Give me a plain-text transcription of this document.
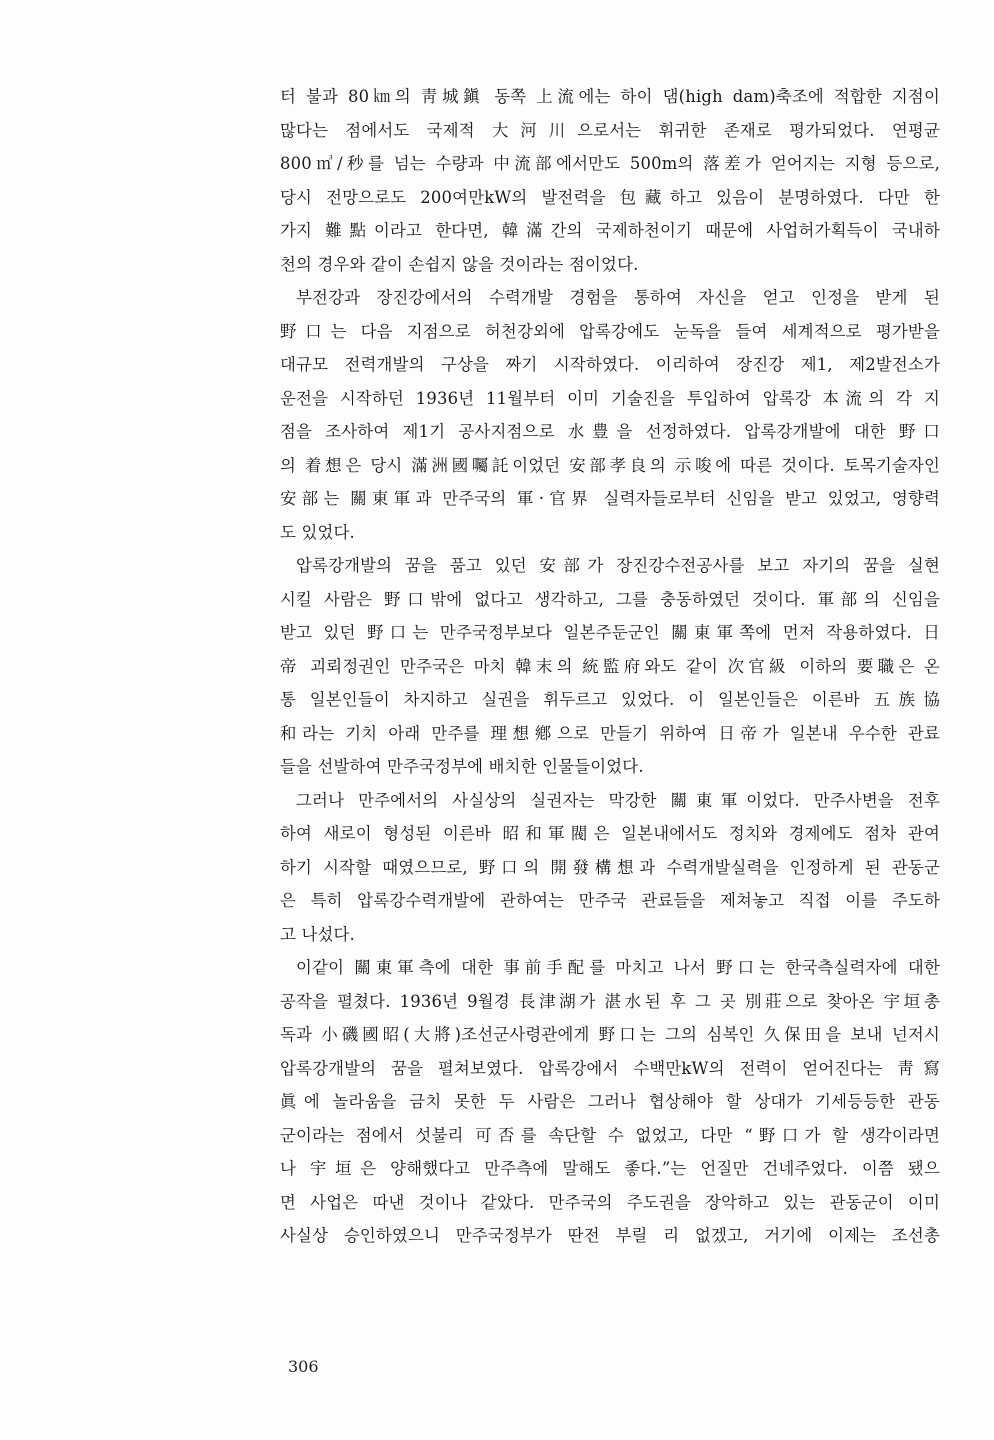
터 불과 80㎞의 靑城鎭 동쪽 上流에는 하이 댐(high dam)축조에 적합한 지점이
많다는 점에서도 국제적 大河川으로서는 휘귀한 존재로 평가되었다. 연평균
800㎥/秒를 넘는 수량과 中流部에서만도 500m의 落差가 얻어지는 지형 등으로,
당시 전망으로도 200여만kW의 발전력을 包藏하고 있음이 분명하였다. 다만 한
가지 難點이라고 한다면, 韓滿간의 국제하천이기 때문에 사업허가획득이 국내하
천의 경우와 같이 손쉽지 않을 것이라는 점이었다.
부전강과 장진강에서의 수력개발 경험을 통하여 자신을 얻고 인정을 받게 된
野口는 다음 지점으로 허천강외에 압록강에도 눈독을 들여 세계적으로 평가받을
대규모 전력개발의 구상을 짜기 시작하였다. 이리하여 장진강 제1, 제2발전소가
운전을 시작하던 1936년 11월부터 이미 기술진을 투입하여 압록강 本流의 각 지
점을 조사하여 제1기 공사지점으로 水豊을 선정하였다. 압록강개발에 대한 野口
의 着想은 당시 滿洲國囑託이었던 安部孝良의 示唆에 따른 것이다. 토목기술자인
安部는 關東軍과 만주국의 軍·官界 실력자들로부터 신임을 받고 있었고, 영향력
도 있었다.
압록강개발의 꿈을 품고 있던 安部가 장진강수전공사를 보고 자기의 꿈을 실현
시킬 사람은 野口밖에 없다고 생각하고, 그를 충동하였던 것이다. 軍部의 신임을
받고 있던 野口는 만주국정부보다 일본주둔군인 關東軍쪽에 먼저 작용하였다. 日
帝 괴뢰정권인 만주국은 마치 韓末의 統監府와도 같이 次官級 이하의 要職은 온
통 일본인들이 차지하고 실권을 휘두르고 있었다. 이 일본인들은 이른바 五族協
和라는 기치 아래 만주를 理想鄕으로 만들기 위하여 日帝가 일본내 우수한 관료
들을 선발하여 만주국정부에 배치한 인물들이었다.
그러나 만주에서의 사실상의 실권자는 막강한 關東軍이었다. 만주사변을 전후
하여 새로이 형성된 이른바 昭和軍閥은 일본내에서도 정치와 경제에도 점차 관여
하기 시작할 때였으므로, 野口의 開發構想과 수력개발실력을 인정하게 된 관동군
은 특히 압록강수력개발에 관하여는 만주국 관료들을 제쳐놓고 직접 이를 주도하
고 나섰다.
이같이 關東軍측에 대한 事前手配를 마치고 나서 野口는 한국측실력자에 대한
공작을 펼쳤다. 1936년 9월경 長津湖가 湛水된 후 그 곳 別莊으로 찾아온 宇垣총
독과 小磯國昭(大將)조선군사령관에게 野口는 그의 심복인 久保田을 보내 넌저시
압록강개발의 꿈을 펼쳐보였다. 압록강에서 수백만kW의 전력이 얻어진다는 靑寫
眞에 놀라움을 금치 못한 두 사람은 그러나 협상해야 할 상대가 기세등등한 관동
군이라는 점에서 섯불리 可否를 속단할 수 없었고, 다만 “野口가 할 생각이라면
나 宇垣은 양해했다고 만주측에 말해도 좋다.”는 언질만 건네주었다. 이쯤 됐으
면 사업은 따낸 것이나 같았다. 만주국의 주도권을 장악하고 있는 관동군이 이미
사실상 승인하였으니 만주국정부가 딴전 부릴 리 없겠고, 거기에 이제는 조선총
306
